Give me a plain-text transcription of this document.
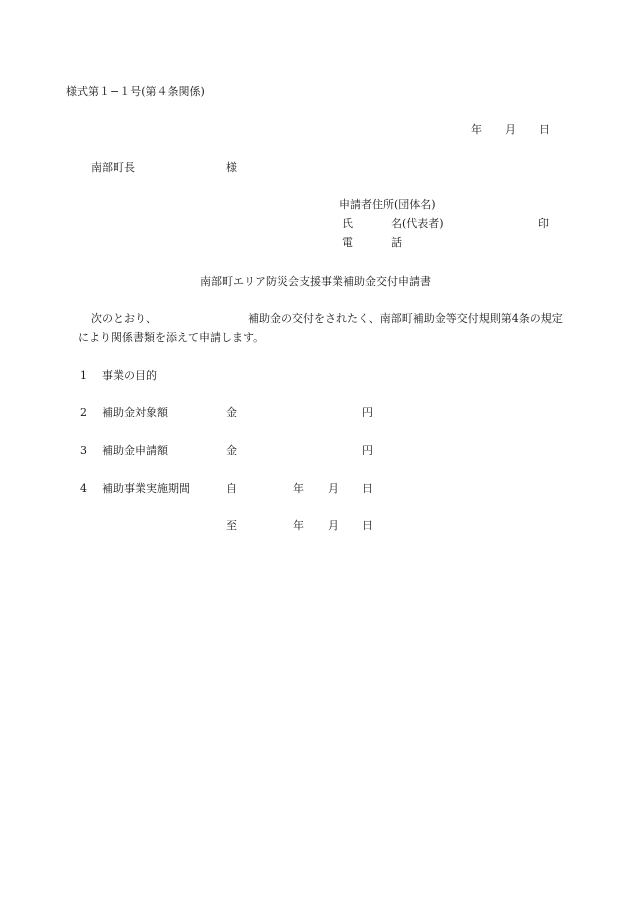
様式第１−１号(第４条関係)
年 月 日
南部町長	様
申請者住所(団体名)
氏	名(代表者)	印
電	話
南部町エリア防災会支援事業補助金交付申請書
次のとおり、	補助金の交付をされたく、南部町補助金等交付規則第4条の規定
により関係書類を添えて申請します。
1 事業の目的
2 補助金対象額	金	円
3 補助金申請額	金	円
4 補助事業実施期間	自	年 月 日
至	年 月 日
